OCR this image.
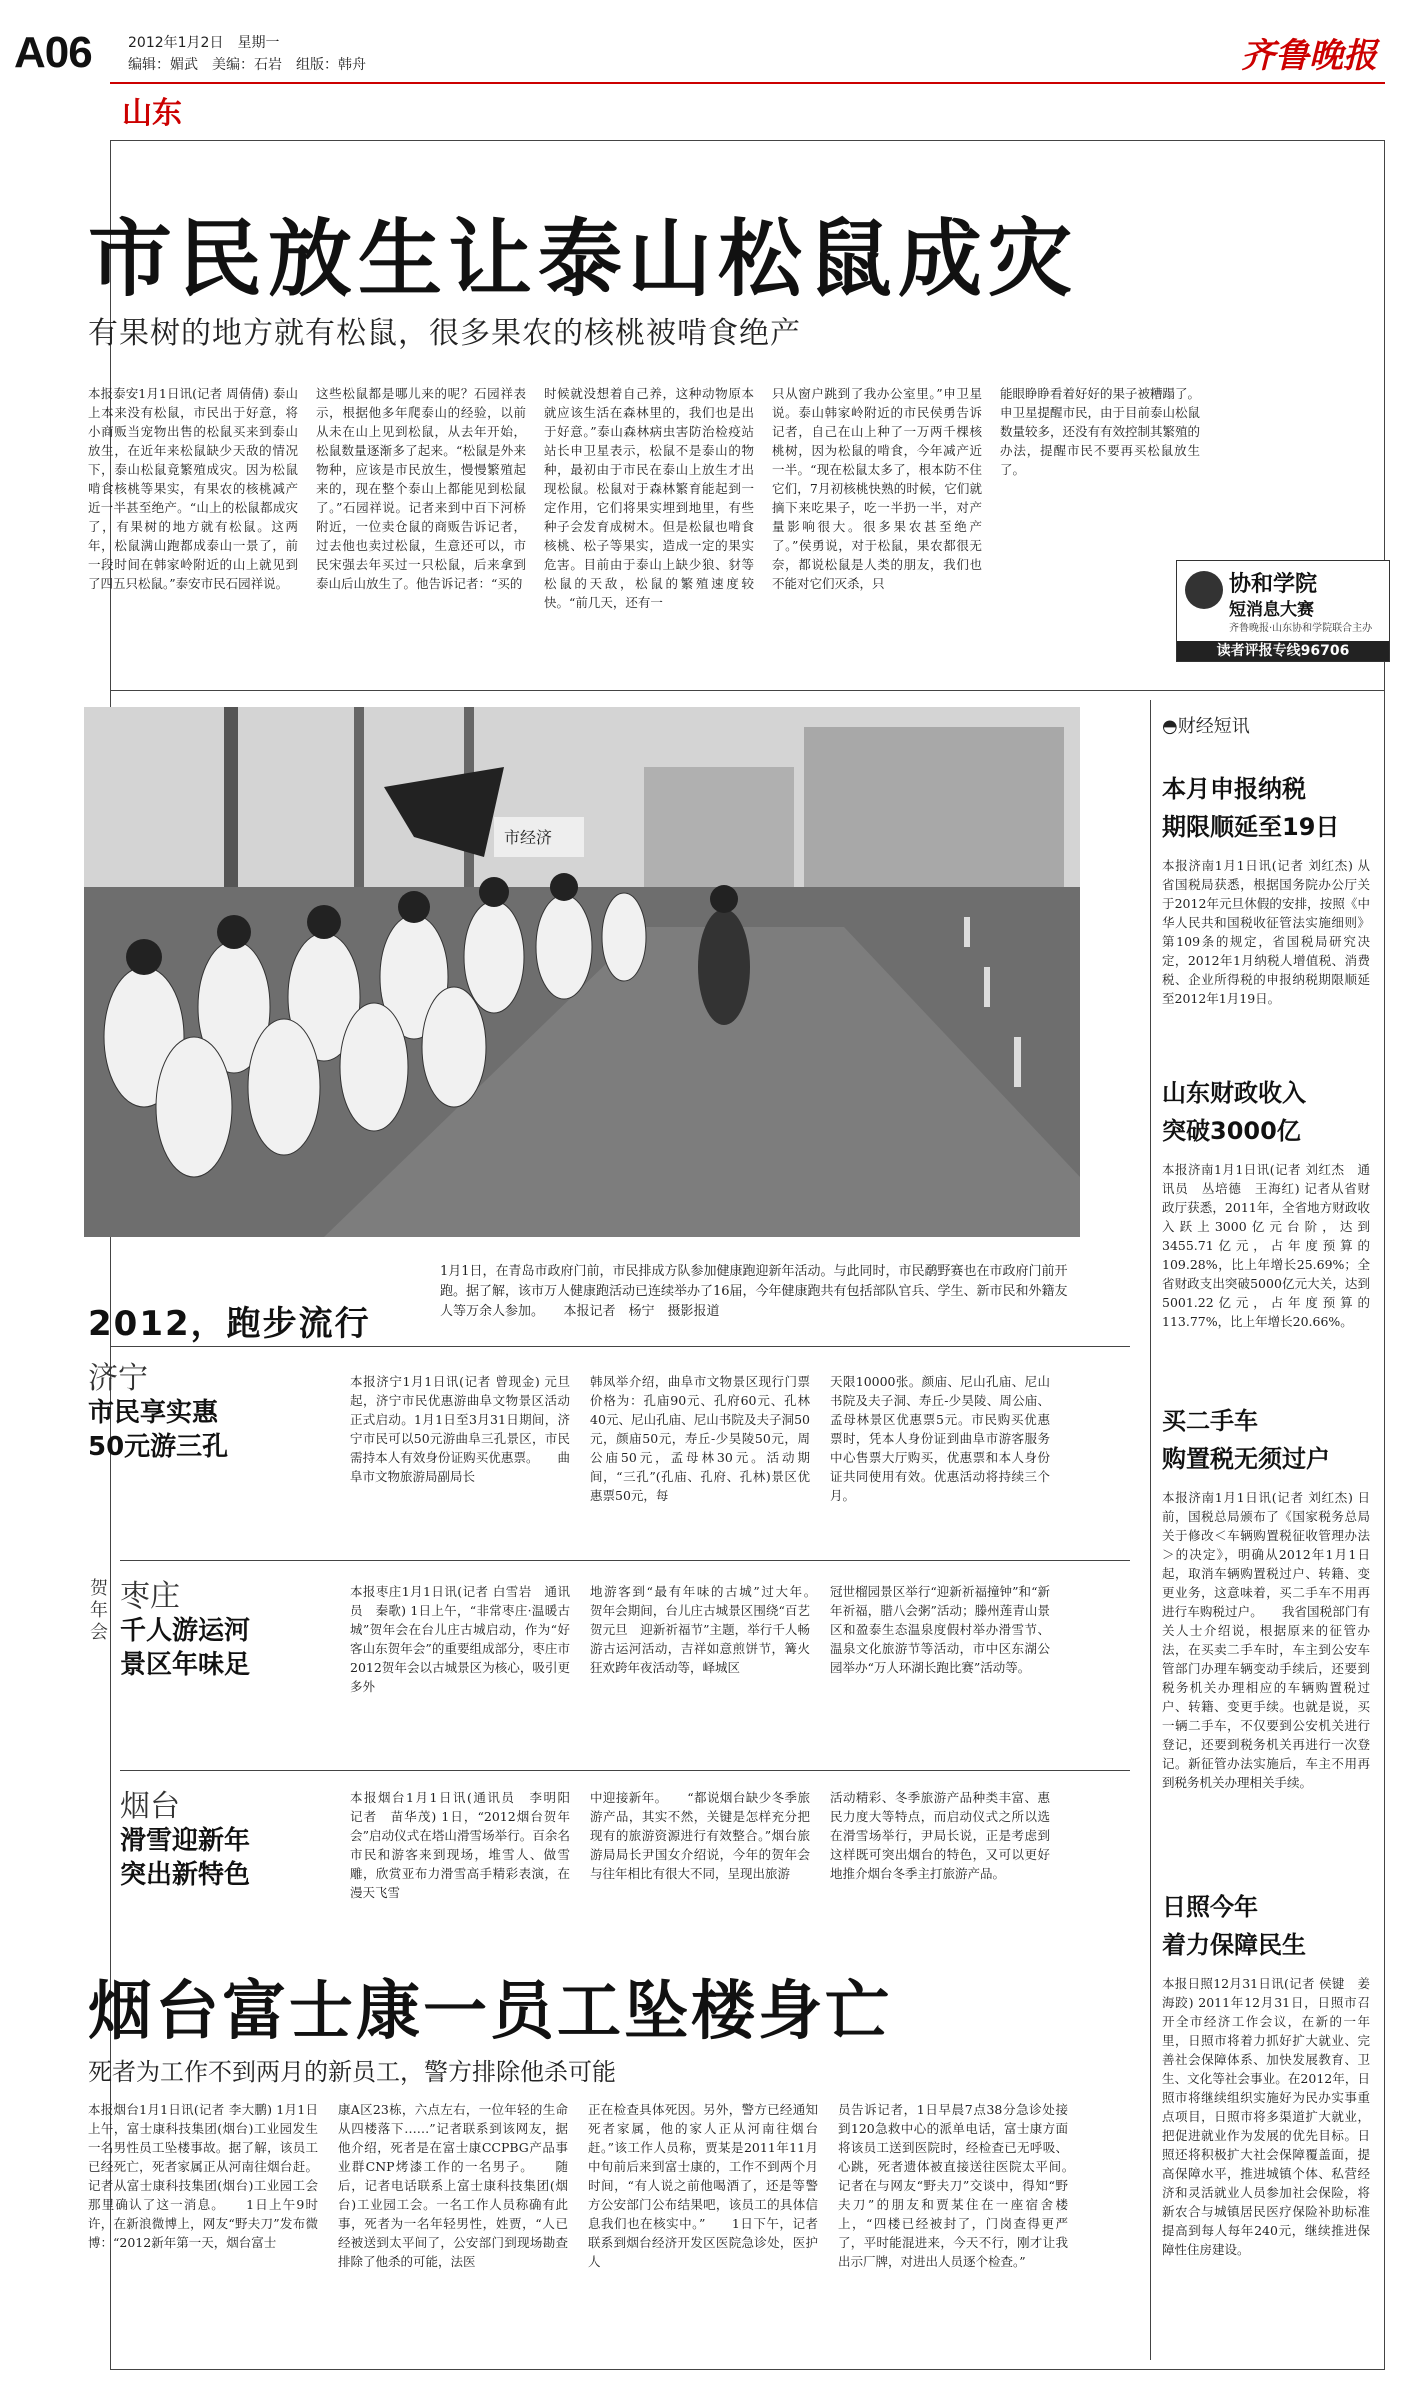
A06	2012年1月2日　星期一
编辑：媚武　美编：石岩　组版：韩舟	齐鲁晚报
山东
市民放生让泰山松鼠成灾
有果树的地方就有松鼠，很多果农的核桃被啃食绝产
本报泰安1月1日讯(记者 周倩倩) 泰山上本来没有松鼠，市民出于好意，将小商贩当宠物出售的松鼠买来到泰山放生，在近年来松鼠缺少天敌的情况下，泰山松鼠竟繁殖成灾。因为松鼠啃食核桃等果实，有果农的核桃减产近一半甚至绝产。“山上的松鼠都成灾了，有果树的地方就有松鼠。这两年，松鼠满山跑都成泰山一景了，前一段时间在韩家岭附近的山上就见到了四五只松鼠。”泰安市民石园祥说。
这些松鼠都是哪儿来的呢？石园祥表示，根据他多年爬泰山的经验，以前从未在山上见到松鼠，从去年开始，松鼠数量逐渐多了起来。“松鼠是外来物种，应该是市民放生，慢慢繁殖起来的，现在整个泰山上都能见到松鼠了。”石园祥说。记者来到中百下河桥附近，一位卖仓鼠的商贩告诉记者，过去他也卖过松鼠，生意还可以，市民宋强去年买过一只松鼠，后来拿到泰山后山放生了。他告诉记者：“买的
时候就没想着自己养，这种动物原本就应该生活在森林里的，我们也是出于好意。”泰山森林病虫害防治检疫站站长申卫星表示，松鼠不是泰山的物种，最初由于市民在泰山上放生才出现松鼠。松鼠对于森林繁育能起到一定作用，它们将果实埋到地里，有些种子会发育成树木。但是松鼠也啃食核桃、松子等果实，造成一定的果实危害。目前由于泰山上缺少狼、豺等松鼠的天敌，松鼠的繁殖速度较快。“前几天，还有一
只从窗户跳到了我办公室里。”申卫星说。泰山韩家岭附近的市民侯勇告诉记者，自己在山上种了一万两千棵核桃树，因为松鼠的啃食，今年减产近一半。“现在松鼠太多了，根本防不住它们，7月初核桃快熟的时候，它们就摘下来吃果子，吃一半扔一半，对产量影响很大。很多果农甚至绝产了。”侯勇说，对于松鼠，果农都很无奈，都说松鼠是人类的朋友，我们也不能对它们灭杀，只
能眼睁睁看着好好的果子被糟蹋了。申卫星提醒市民，由于目前泰山松鼠数量较多，还没有有效控制其繁殖的办法，提醒市民不要再买松鼠放生了。
协和学院
短消息大赛
齐鲁晚报·山东协和学院联合主办
读者评报专线96706
市经济
2012，跑步流行
1月1日，在青岛市政府门前，市民排成方队参加健康跑迎新年活动。与此同时，市民鹬野赛也在市政府门前开跑。据了解，该市万人健康跑活动已连续举办了16届，今年健康跑共有包括部队官兵、学生、新市民和外籍友人等万余人参加。　　本报记者　杨宁　摄影报道
贺年会
济宁
市民享实惠
50元游三孔
本报济宁1月1日讯(记者 曾现金) 元旦起，济宁市民优惠游曲阜文物景区活动正式启动。1月1日至3月31日期间，济宁市民可以50元游曲阜三孔景区，市民需持本人有效身份证购买优惠票。　　曲阜市文物旅游局副局长
韩凤举介绍，曲阜市文物景区现行门票价格为：孔庙90元、孔府60元、孔林40元、尼山孔庙、尼山书院及夫子洞50元，颜庙50元，寿丘-少昊陵50元，周公庙50元，孟母林30元。活动期间，“三孔”(孔庙、孔府、孔林)景区优惠票50元，每
天限10000张。颜庙、尼山孔庙、尼山书院及夫子洞、寿丘-少昊陵、周公庙、孟母林景区优惠票5元。市民购买优惠票时，凭本人身份证到曲阜市游客服务中心售票大厅购买，优惠票和本人身份证共同使用有效。优惠活动将持续三个月。
枣庄
千人游运河
景区年味足
本报枣庄1月1日讯(记者 白雪岩　通讯员　秦歌) 1日上午，“非常枣庄·温暖古城”贺年会在台儿庄古城启动，作为“好客山东贺年会”的重要组成部分，枣庄市2012贺年会以古城景区为核心，吸引更多外
地游客到“最有年味的古城”过大年。　　贺年会期间，台儿庄古城景区围绕“百艺贺元旦　迎新祈福节”主题，举行千人畅游古运河活动，吉祥如意煎饼节，篝火狂欢跨年夜活动等，峄城区
冠世榴园景区举行“迎新祈福撞钟”和“新年祈福，腊八会粥”活动；滕州莲青山景区和盈泰生态温泉度假村举办滑雪节、温泉文化旅游节等活动，市中区东湖公园举办“万人环湖长跑比赛”活动等。
烟台
滑雪迎新年
突出新特色
本报烟台1月1日讯(通讯员　李明阳　记者　苗华茂) 1日，“2012烟台贺年会”启动仪式在塔山滑雪场举行。百余名市民和游客来到现场，堆雪人、做雪雕，欣赏亚布力滑雪高手精彩表演，在漫天飞雪
中迎接新年。　　“都说烟台缺少冬季旅游产品，其实不然，关键是怎样充分把现有的旅游资源进行有效整合。”烟台旅游局局长尹国女介绍说，今年的贺年会与往年相比有很大不同，呈现出旅游
活动精彩、冬季旅游产品种类丰富、惠民力度大等特点，而启动仪式之所以选在滑雪场举行，尹局长说，正是考虑到这样既可突出烟台的特色，又可以更好地推介烟台冬季主打旅游产品。
烟台富士康一员工坠楼身亡
死者为工作不到两月的新员工，警方排除他杀可能
本报烟台1月1日讯(记者 李大鹏) 1月1日上午，富士康科技集团(烟台)工业园发生一名男性员工坠楼事故。据了解，该员工已经死亡，死者家属正从河南往烟台赶。记者从富士康科技集团(烟台)工业园工会那里确认了这一消息。　　1日上午9时许，在新浪微博上，网友“野夫刀”发布微博：“2012新年第一天，烟台富士
康A区23栋，六点左右，一位年轻的生命从四楼落下……”记者联系到该网友，据他介绍，死者是在富士康CCPBG产品事业群CNP烤漆工作的一名男子。　　随后，记者电话联系上富士康科技集团(烟台)工业园工会。一名工作人员称确有此事，死者为一名年轻男性，姓贾，“人已经被送到太平间了，公安部门到现场勘查排除了他杀的可能，法医
正在检查具体死因。另外，警方已经通知死者家属，他的家人正从河南往烟台赶。”该工作人员称，贾某是2011年11月中旬前后来到富士康的，工作不到两个月时间，“有人说之前他喝酒了，还是等警方公安部门公布结果吧，该员工的具体信息我们也在核实中。”　　1日下午，记者联系到烟台经济开发区医院急诊处，医护人
员告诉记者，1日早晨7点38分急诊处接到120急救中心的派单电话，富士康方面将该员工送到医院时，经检查已无呼吸、心跳，死者遗体被直接送往医院太平间。　　记者在与网友“野夫刀”交谈中，得知“野夫刀”的朋友和贾某住在一座宿舍楼上，“四楼已经被封了，门岗查得更严了，平时能混进来，今天不行，刚才让我出示厂牌，对进出人员逐个检查。”
◓财经短讯
本月申报纳税
期限顺延至19日
本报济南1月1日讯(记者 刘红杰) 从省国税局获悉，根据国务院办公厅关于2012年元旦休假的安排，按照《中华人民共和国税收征管法实施细则》第109条的规定，省国税局研究决定，2012年1月纳税人增值税、消费税、企业所得税的申报纳税期限顺延至2012年1月19日。
山东财政收入
突破3000亿
本报济南1月1日讯(记者 刘红杰　通讯员　丛培德　王海红) 记者从省财政厅获悉，2011年，全省地方财政收入跃上3000亿元台阶，达到3455.71亿元，占年度预算的109.28%，比上年增长25.69%；全省财政支出突破5000亿元大关，达到5001.22亿元，占年度预算的113.77%，比上年增长20.66%。
买二手车
购置税无须过户
本报济南1月1日讯(记者 刘红杰) 日前，国税总局颁布了《国家税务总局关于修改＜车辆购置税征收管理办法＞的决定》，明确从2012年1月1日起，取消车辆购置税过户、转籍、变更业务，这意味着，买二手车不用再进行车购税过户。　　我省国税部门有关人士介绍说，根据原来的征管办法，在买卖二手车时，车主到公安车管部门办理车辆变动手续后，还要到税务机关办理相应的车辆购置税过户、转籍、变更手续。也就是说，买一辆二手车，不仅要到公安机关进行登记，还要到税务机关再进行一次登记。新征管办法实施后，车主不用再到税务机关办理相关手续。
日照今年
着力保障民生
本报日照12月31日讯(记者 侯键　姜海跤) 2011年12月31日，日照市召开全市经济工作会议，在新的一年里，日照市将着力抓好扩大就业、完善社会保障体系、加快发展教育、卫生、文化等社会事业。在2012年，日照市将继续组织实施好为民办实事重点项目，日照市将多渠道扩大就业，把促进就业作为发展的优先目标。日照还将积极扩大社会保障覆盖面，提高保障水平，推进城镇个体、私营经济和灵活就业人员参加社会保险，将新农合与城镇居民医疗保险补助标准提高到每人每年240元，继续推进保障性住房建设。
